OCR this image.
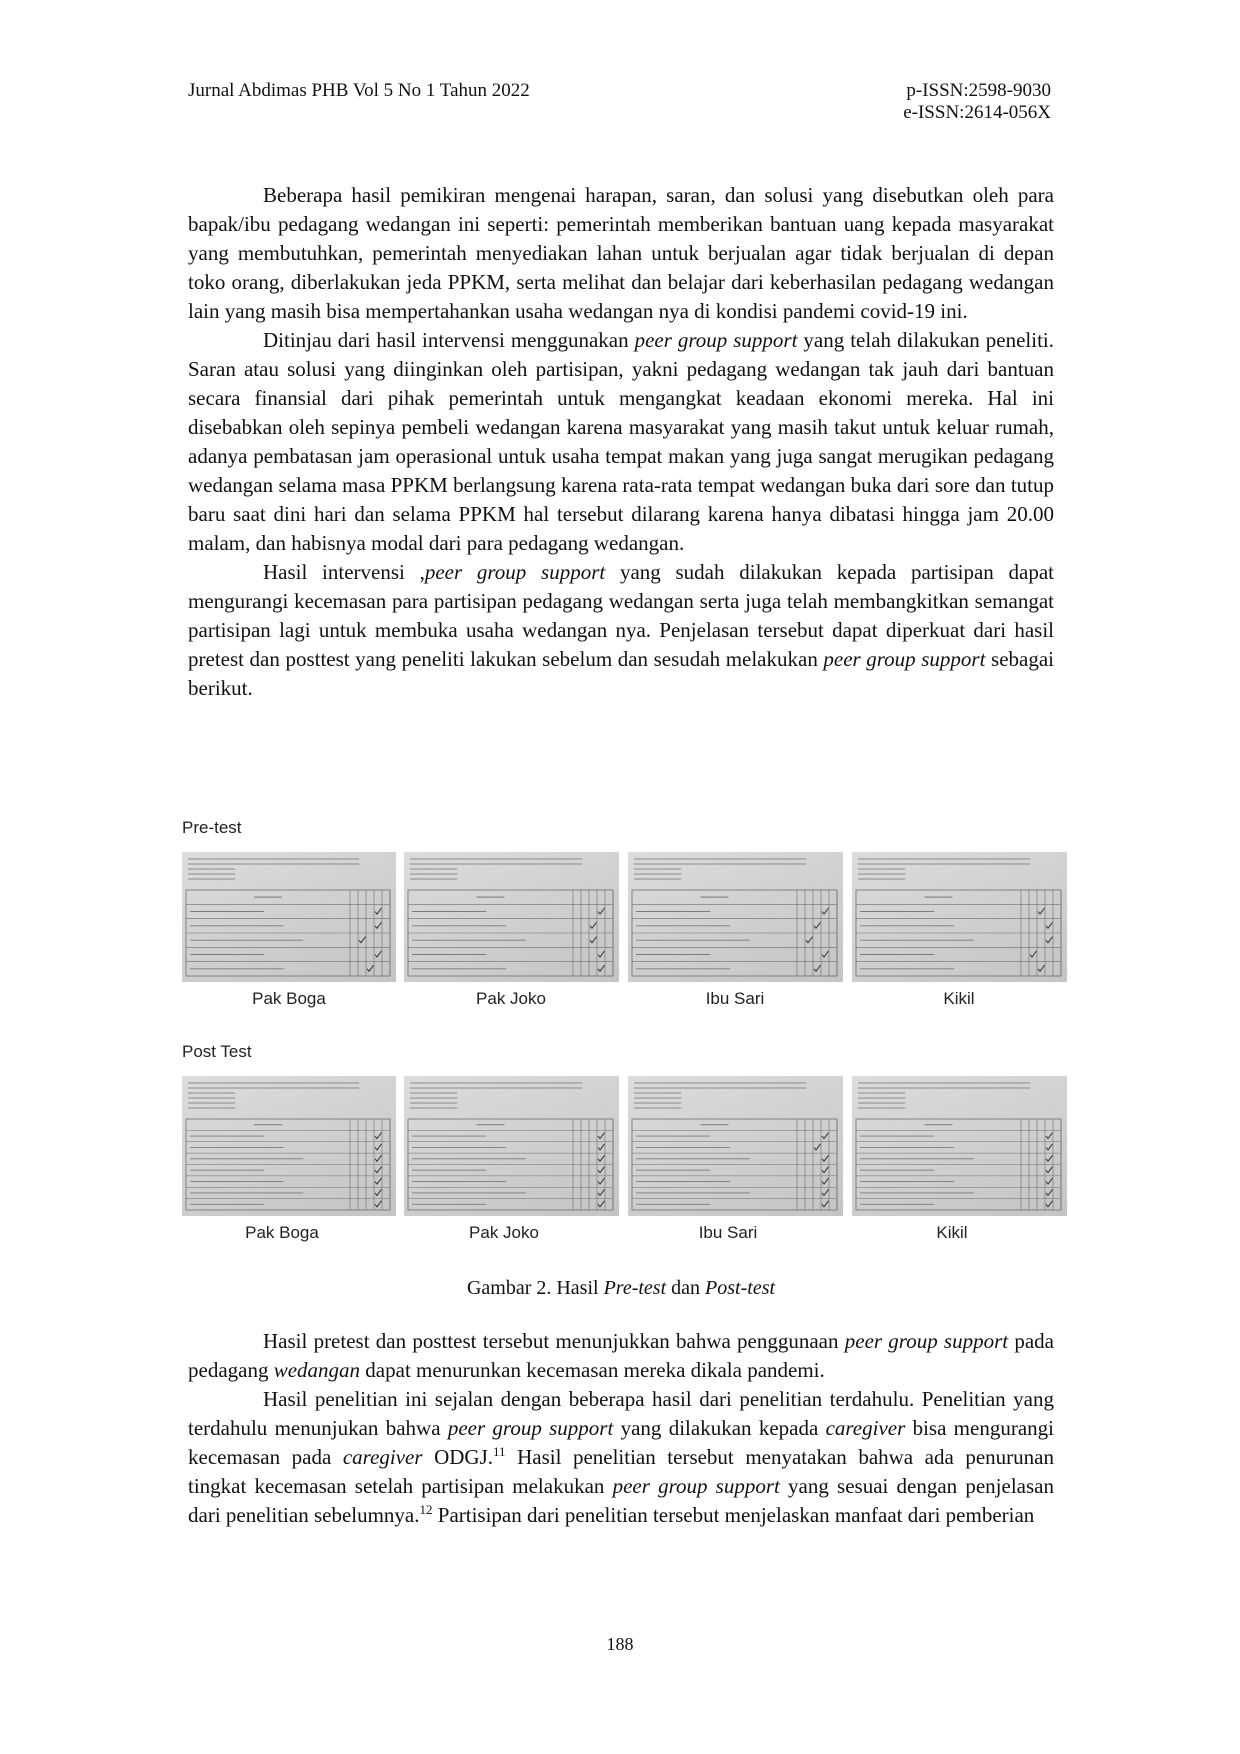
Jurnal Abdimas PHB Vol 5 No 1 Tahun 2022	p-ISSN:2598-9030
e-ISSN:2614-056X

Beberapa hasil pemikiran mengenai harapan, saran, dan solusi yang disebutkan oleh para bapak/ibu pedagang wedangan ini seperti: pemerintah memberikan bantuan uang kepada masyarakat yang membutuhkan, pemerintah menyediakan lahan untuk berjualan agar tidak berjualan di depan toko orang, diberlakukan jeda PPKM, serta melihat dan belajar dari keberhasilan pedagang wedangan lain yang masih bisa mempertahankan usaha wedangan nya di kondisi pandemi covid-19 ini.

Ditinjau dari hasil intervensi menggunakan peer group support yang telah dilakukan peneliti. Saran atau solusi yang diinginkan oleh partisipan, yakni pedagang wedangan tak jauh dari bantuan secara finansial dari pihak pemerintah untuk mengangkat keadaan ekonomi mereka. Hal ini disebabkan oleh sepinya pembeli wedangan karena masyarakat yang masih takut untuk keluar rumah, adanya pembatasan jam operasional untuk usaha tempat makan yang juga sangat merugikan pedagang wedangan selama masa PPKM berlangsung karena rata-rata tempat wedangan buka dari sore dan tutup baru saat dini hari dan selama PPKM hal tersebut dilarang karena hanya dibatasi hingga jam 20.00 malam, dan habisnya modal dari para pedagang wedangan.

Hasil intervensi ,peer group support yang sudah dilakukan kepada partisipan dapat mengurangi kecemasan para partisipan pedagang wedangan serta juga telah membangkitkan semangat partisipan lagi untuk membuka usaha wedangan nya. Penjelasan tersebut dapat diperkuat dari hasil pretest dan posttest yang peneliti lakukan sebelum dan sesudah melakukan peer group support sebagai berikut.

Pre-test
Post Test
Pak Boga	Pak Joko	Ibu Sari	Kikil
Pak Boga	Pak Joko	Ibu Sari	Kikil
Gambar 2. Hasil Pre-test dan Post-test

Hasil pretest dan posttest tersebut menunjukkan bahwa penggunaan peer group support pada pedagang wedangan dapat menurunkan kecemasan mereka dikala pandemi.

Hasil penelitian ini sejalan dengan beberapa hasil dari penelitian terdahulu. Penelitian yang terdahulu menunjukan bahwa peer group support yang dilakukan kepada caregiver bisa mengurangi kecemasan pada caregiver ODGJ.$^{11}$ Hasil penelitian tersebut menyatakan bahwa ada penurunan tingkat kecemasan setelah partisipan melakukan peer group support yang sesuai dengan penjelasan dari penelitian sebelumnya.$^{12}$ Partisipan dari penelitian tersebut menjelaskan manfaat dari pemberian

188
